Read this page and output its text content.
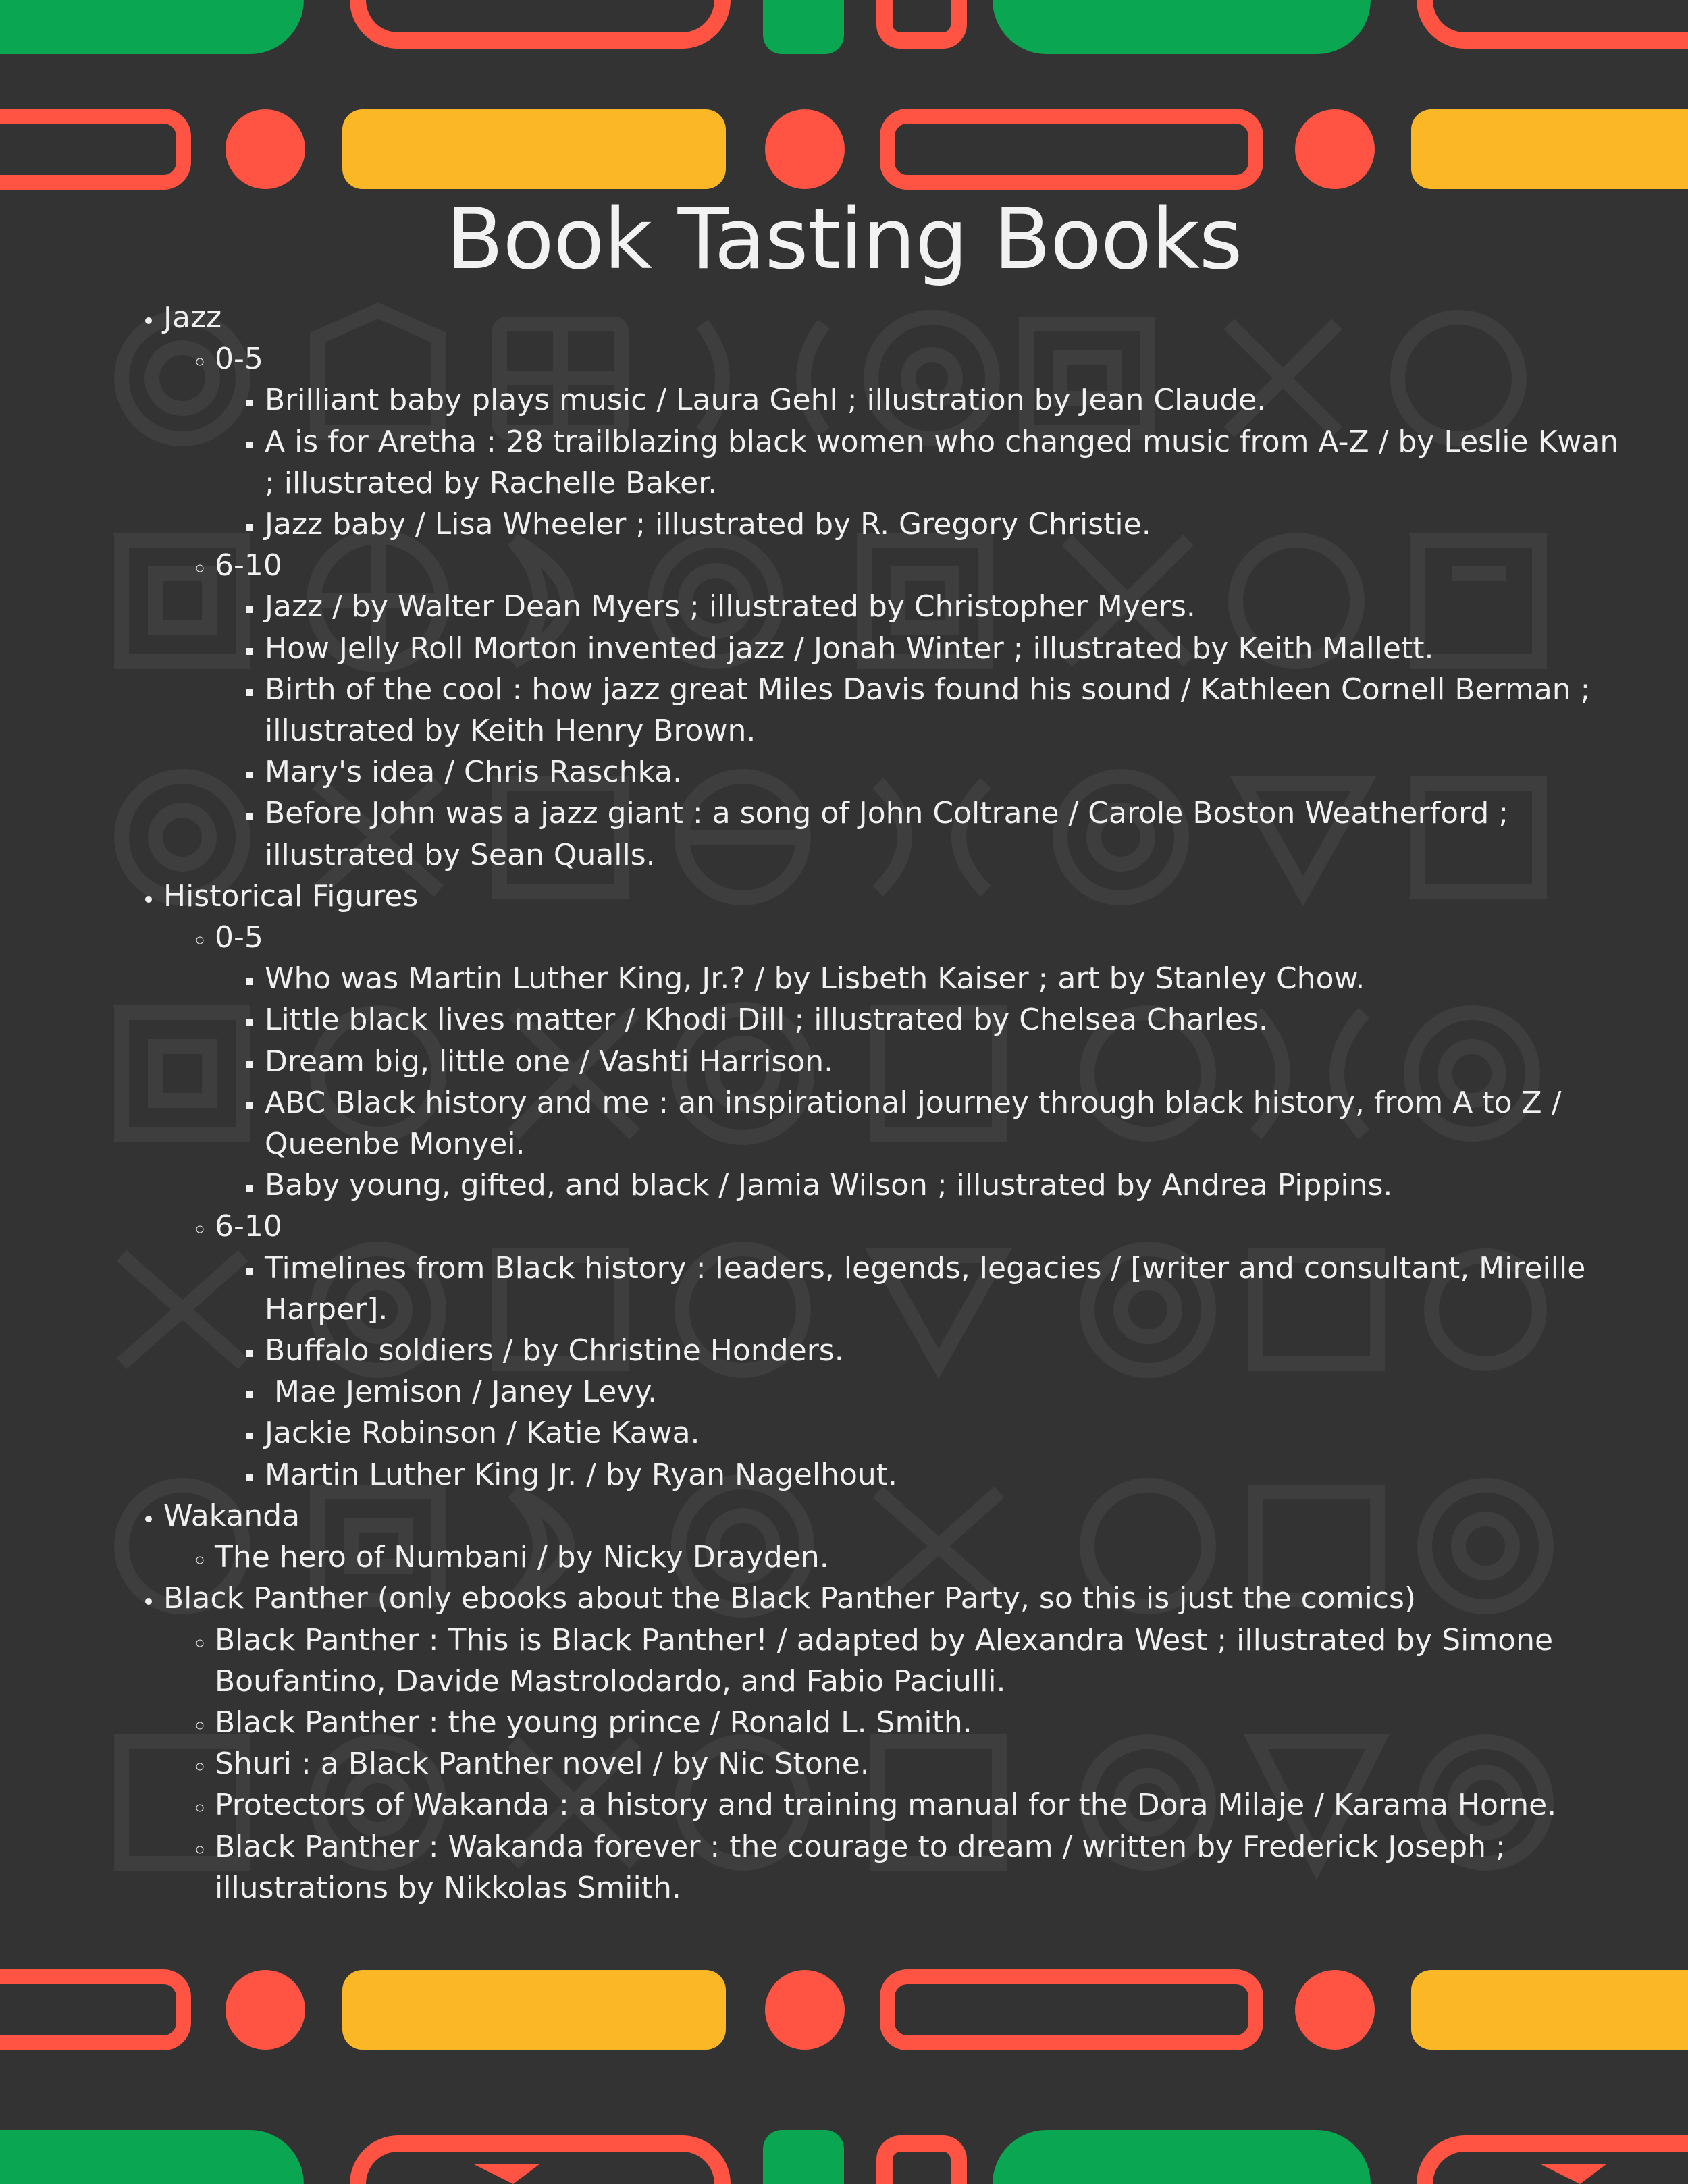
Book Tasting Books
• Jazz
◦ 0-5
▪ Brilliant baby plays music / Laura Gehl ; illustration by Jean Claude.
▪ A is for Aretha : 28 trailblazing black women who changed music from A-Z / by Leslie Kwan ; illustrated by Rachelle Baker.
▪ Jazz baby / Lisa Wheeler ; illustrated by R. Gregory Christie.
◦ 6-10
▪ Jazz / by Walter Dean Myers ; illustrated by Christopher Myers.
▪ How Jelly Roll Morton invented jazz / Jonah Winter ; illustrated by Keith Mallett.
▪ Birth of the cool : how jazz great Miles Davis found his sound / Kathleen Cornell Berman ; illustrated by Keith Henry Brown.
▪ Mary's idea / Chris Raschka.
▪ Before John was a jazz giant : a song of John Coltrane / Carole Boston Weatherford ; illustrated by Sean Qualls.
• Historical Figures
◦ 0-5
▪ Who was Martin Luther King, Jr.? / by Lisbeth Kaiser ; art by Stanley Chow.
▪ Little black lives matter / Khodi Dill ; illustrated by Chelsea Charles.
▪ Dream big, little one / Vashti Harrison.
▪ ABC Black history and me : an inspirational journey through black history, from A to Z / Queenbe Monyei.
▪ Baby young, gifted, and black / Jamia Wilson ; illustrated by Andrea Pippins.
◦ 6-10
▪ Timelines from Black history : leaders, legends, legacies / [writer and consultant, Mireille Harper].
▪ Buffalo soldiers / by Christine Honders.
▪  Mae Jemison / Janey Levy.
▪ Jackie Robinson / Katie Kawa.
▪ Martin Luther King Jr. / by Ryan Nagelhout.
• Wakanda
◦ The hero of Numbani / by Nicky Drayden.
• Black Panther (only ebooks about the Black Panther Party, so this is just the comics)
◦ Black Panther : This is Black Panther! / adapted by Alexandra West ; illustrated by Simone Boufantino, Davide Mastrolodardo, and Fabio Paciulli.
◦ Black Panther : the young prince / Ronald L. Smith.
◦ Shuri : a Black Panther novel / by Nic Stone.
◦ Protectors of Wakanda : a history and training manual for the Dora Milaje / Karama Horne.
◦ Black Panther : Wakanda forever : the courage to dream / written by Frederick Joseph ; illustrations by Nikkolas Smiith.
